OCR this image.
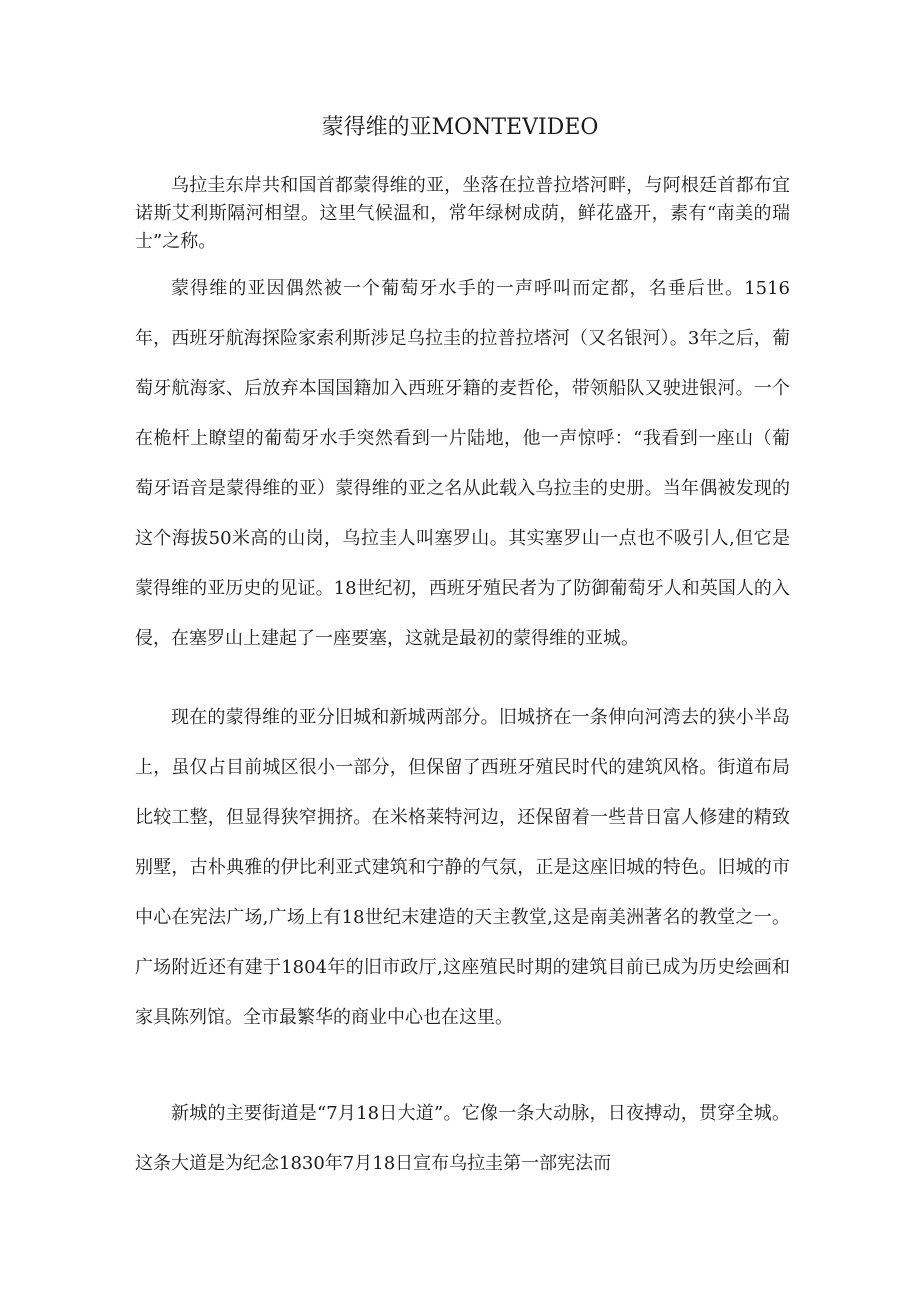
蒙得维的亚MONTEVIDEO

乌拉圭东岸共和国首都蒙得维的亚，坐落在拉普拉塔河畔，与阿根廷首都布宜诺斯艾利斯隔河相望。这里气候温和，常年绿树成荫，鲜花盛开，素有“南美的瑞士”之称。

蒙得维的亚因偶然被一个葡萄牙水手的一声呼叫而定都，名垂后世。1516年，西班牙航海探险家索利斯涉足乌拉圭的拉普拉塔河（又名银河）。3年之后，葡萄牙航海家、后放弃本国国籍加入西班牙籍的麦哲伦，带领船队又驶进银河。一个在桅杆上瞭望的葡萄牙水手突然看到一片陆地，他一声惊呼：“我看到一座山（葡萄牙语音是蒙得维的亚）蒙得维的亚之名从此载入乌拉圭的史册。当年偶被发现的这个海拔50米高的山岗，乌拉圭人叫塞罗山。其实塞罗山一点也不吸引人,但它是蒙得维的亚历史的见证。18世纪初，西班牙殖民者为了防御葡萄牙人和英国人的入侵，在塞罗山上建起了一座要塞，这就是最初的蒙得维的亚城。

现在的蒙得维的亚分旧城和新城两部分。旧城挤在一条伸向河湾去的狭小半岛上，虽仅占目前城区很小一部分，但保留了西班牙殖民时代的建筑风格。街道布局比较工整，但显得狭窄拥挤。在米格莱特河边，还保留着一些昔日富人修建的精致别墅，古朴典雅的伊比利亚式建筑和宁静的气氛，正是这座旧城的特色。旧城的市中心在宪法广场,广场上有18世纪末建造的天主教堂,这是南美洲著名的教堂之一。广场附近还有建于1804年的旧市政厅,这座殖民时期的建筑目前已成为历史绘画和家具陈列馆。全市最繁华的商业中心也在这里。

新城的主要街道是“7月18日大道”。它像一条大动脉，日夜搏动，贯穿全城。这条大道是为纪念1830年7月18日宣布乌拉圭第一部宪法而
